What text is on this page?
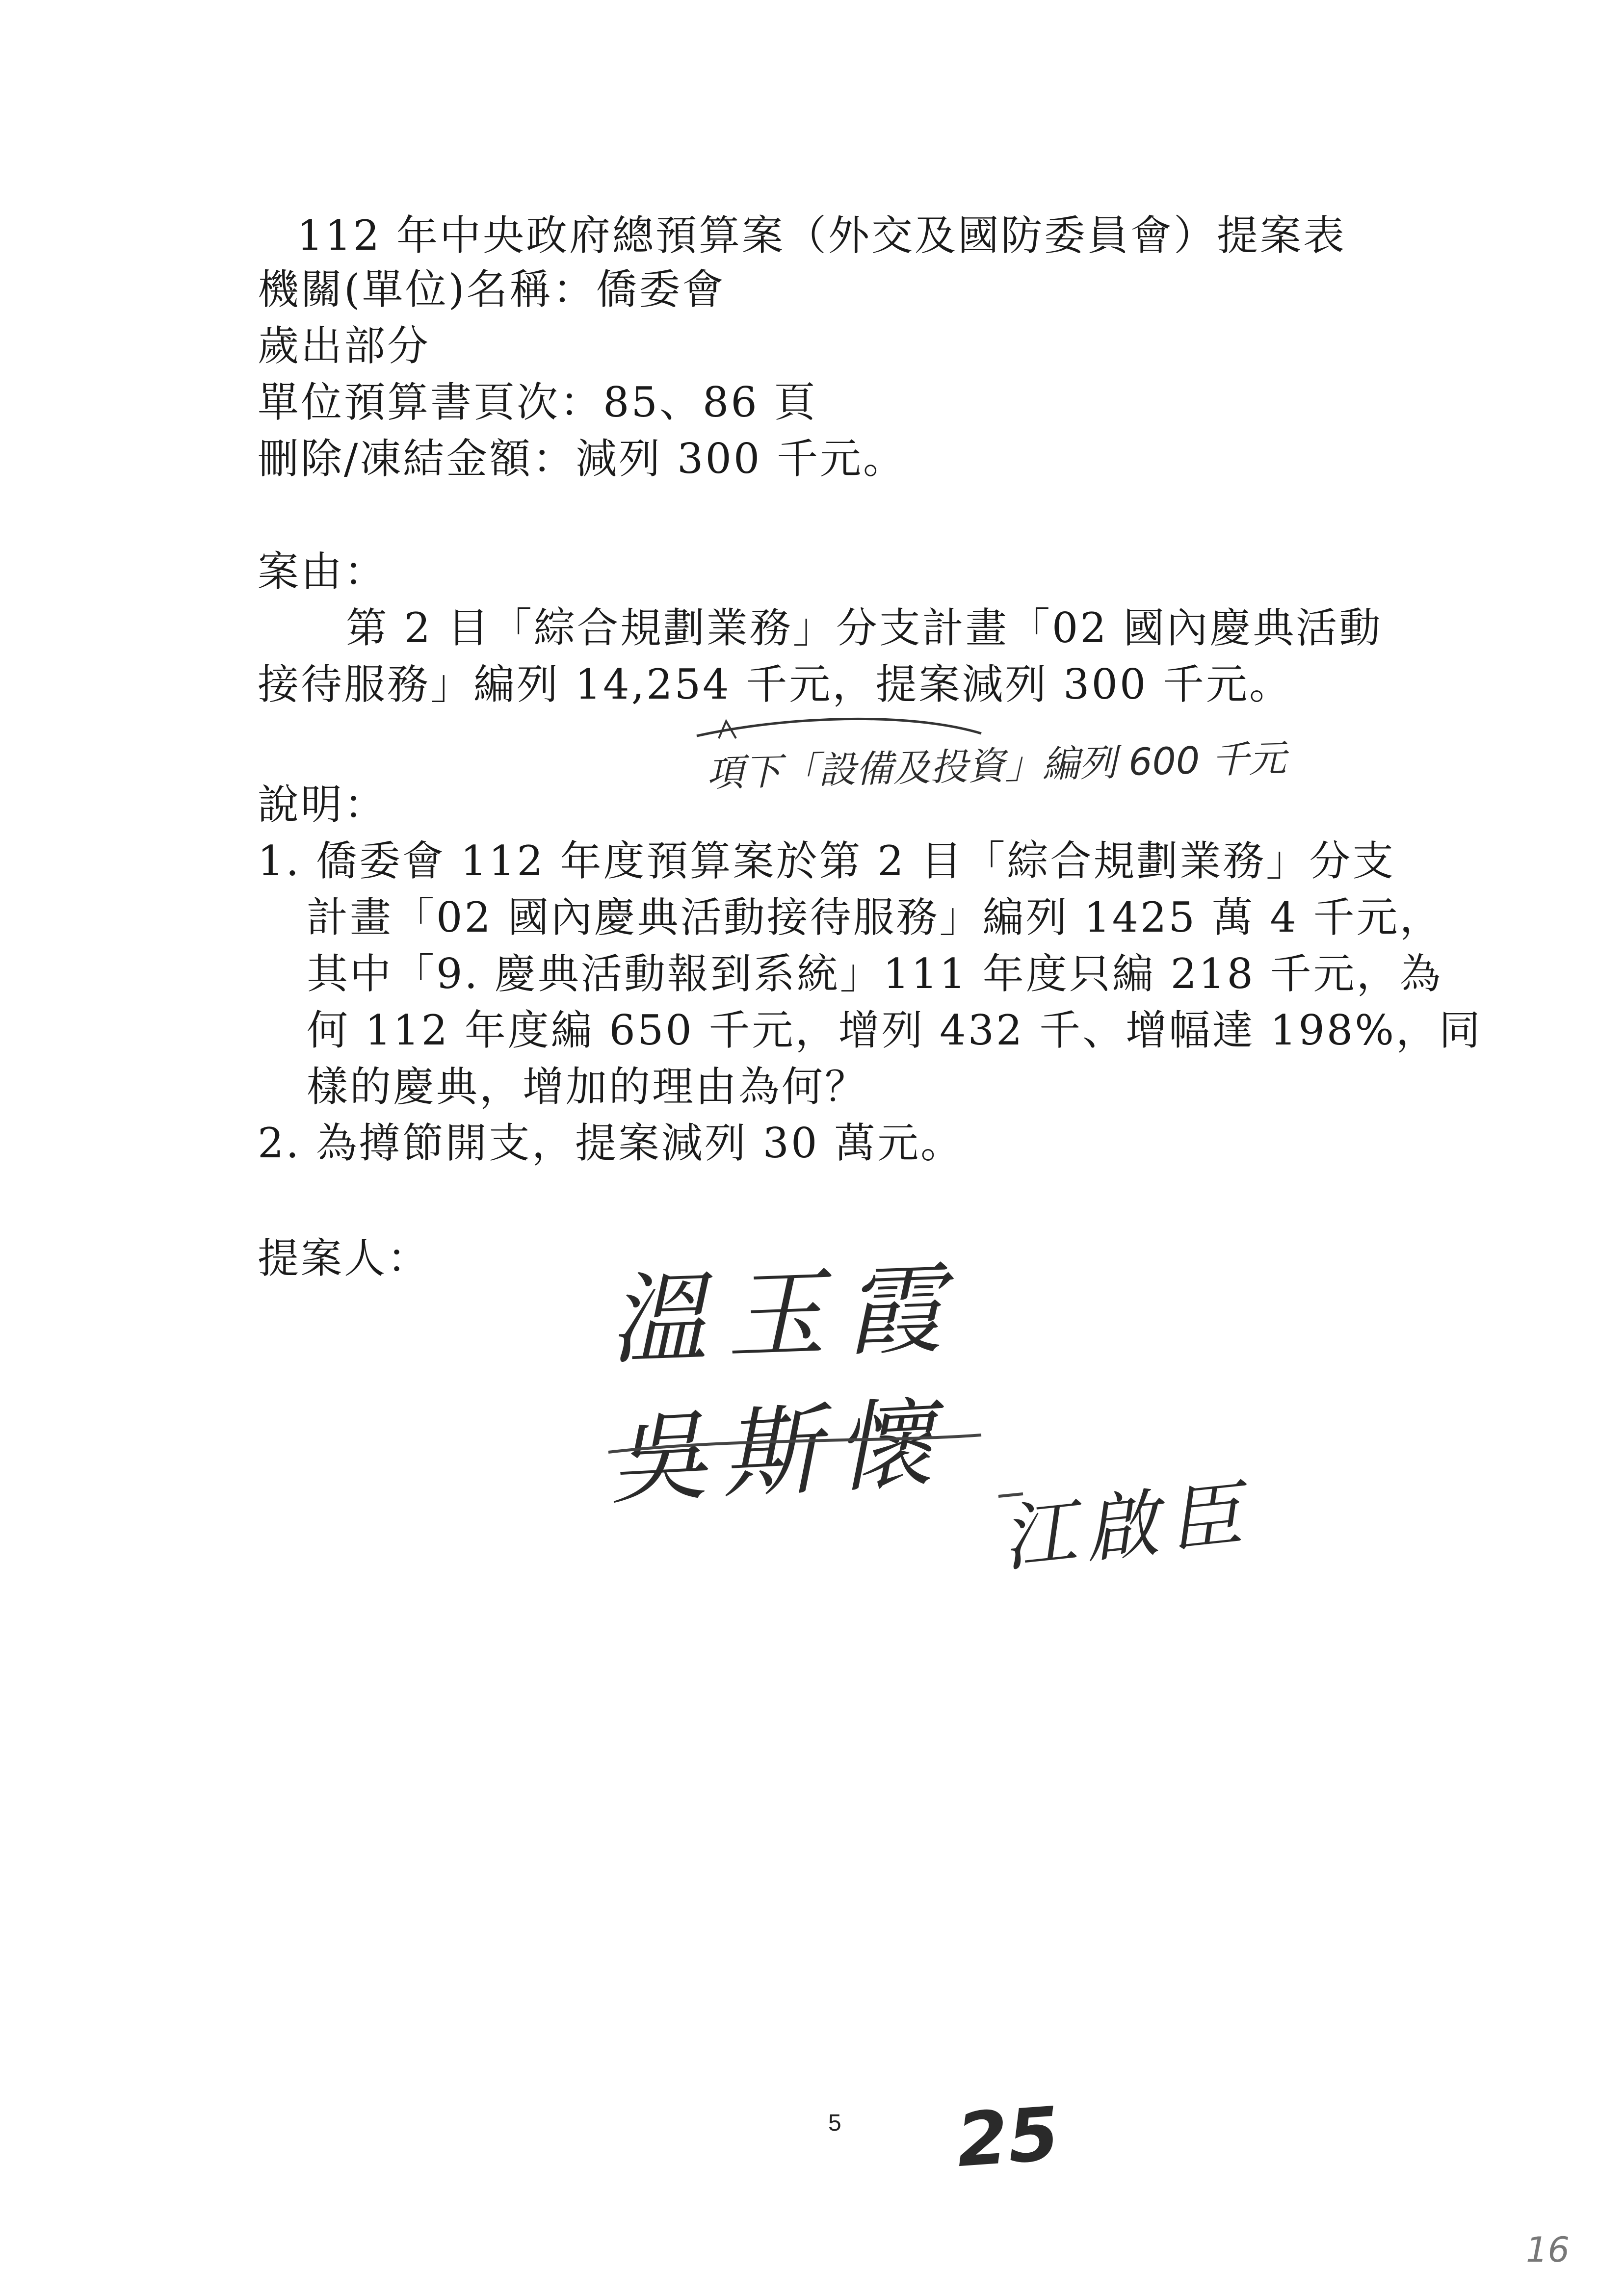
112 年中央政府總預算案（外交及國防委員會）提案表
機關(單位)名稱：僑委會
歲出部分
單位預算書頁次：85、86 頁
刪除/凍結金額：減列 300 千元。
案由：
第 2 目「綜合規劃業務」分支計畫「02 國內慶典活動
接待服務」編列 14,254 千元，提案減列 300 千元。
項下「設備及投資」編列 600 千元
說明：
1. 僑委會 112 年度預算案於第 2 目「綜合規劃業務」分支
計畫「02 國內慶典活動接待服務」編列 1425 萬 4 千元，
其中「9. 慶典活動報到系統」111 年度只編 218 千元，為
何 112 年度編 650 千元，增列 432 千、增幅達 198%，同
樣的慶典，增加的理由為何？
2. 為撙節開支，提案減列 30 萬元。
提案人： 溫玉霞
吳斯懷
江啟臣
5 25
16
